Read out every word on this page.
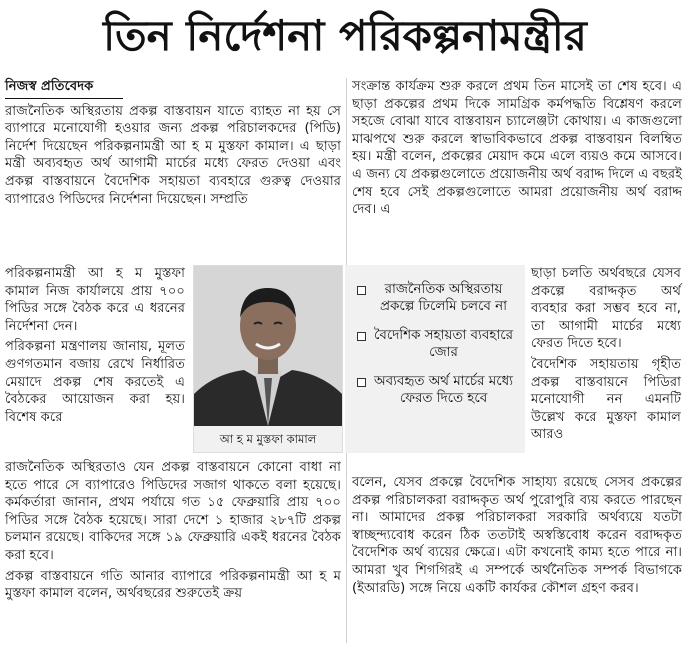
তিন নির্দেশনা পরিকল্পনামন্ত্রীর
নিজস্ব প্রতিবেদক

রাজনৈতিক অস্থিরতায় প্রকল্প বাস্তবায়ন যাতে ব্যাহত না হয় সে ব্যাপারে মনোযোগী হওয়ার জন্য প্রকল্প পরিচালকদের (পিডি) নির্দেশ দিয়েছেন পরিকল্পনামন্ত্রী আ হ ম মুস্তফা কামাল। এ ছাড়া মন্ত্রী অব্যবহৃত অর্থ আগামী মার্চের মধ্যে ফেরত দেওয়া এবং প্রকল্প বাস্তবায়নে বৈদেশিক সহায়তা ব্যবহারে গুরুত্ব দেওয়ার ব্যাপারেও পিডিদের নির্দেশনা দিয়েছেন। সম্প্রতি

পরিকল্পনামন্ত্রী আ হ ম মুস্তফা কামাল নিজ কার্যালয়ে প্রায় ৭০০ পিডির সঙ্গে বৈঠক করে এ ধরনের নির্দেশনা দেন।

পরিকল্পনা মন্ত্রণালয় জানায়, মূলত গুণগতমান বজায় রেখে নির্ধারিত মেয়াদে প্রকল্প শেষ করতেই এ বৈঠকের আয়োজন করা হয়। বিশেষ করে

আ হ ম মুস্তফা কামাল
রাজনৈতিক অস্থিরতায় প্রকল্পে ঢিলেমি চলবে না
বৈদেশিক সহায়তা ব্যবহারে জোর
অব্যবহৃত অর্থ মার্চের মধ্যে ফেরত দিতে হবে

সংক্রান্ত কার্যক্রম শুরু করলে প্রথম তিন মাসেই তা শেষ হবে। এ ছাড়া প্রকল্পের প্রথম দিকে সামগ্রিক কর্মপদ্ধতি বিশ্লেষণ করলে সহজে বোঝা যাবে বাস্তবায়ন চ্যালেঞ্জটা কোথায়। এ কাজগুলো মাঝপথে শুরু করলে স্বাভাবিকভাবে প্রকল্প বাস্তবায়ন বিলম্বিত হয়। মন্ত্রী বলেন, প্রকল্পের মেয়াদ কমে এলে ব্যয়ও কমে আসবে। এ জন্য যে প্রকল্পগুলোতে প্রয়োজনীয় অর্থ বরাদ্দ দিলে এ বছরই শেষ হবে সেই প্রকল্পগুলোতে আমরা প্রয়োজনীয় অর্থ বরাদ্দ দেব। এ

ছাড়া চলতি অর্থবছরে যেসব প্রকল্পে বরাদ্দকৃত অর্থ ব্যবহার করা সম্ভব হবে না, তা আগামী মার্চের মধ্যে ফেরত দিতে হবে।

বৈদেশিক সহায়তায় গৃহীত প্রকল্প বাস্তবায়নে পিডিরা মনোযোগী নন এমনটি উল্লেখ করে মুস্তফা কামাল আরও

রাজনৈতিক অস্থিরতাও যেন প্রকল্প বাস্তবায়নে কোনো বাধা না হতে পারে সে ব্যাপারেও পিডিদের সজাগ থাকতে বলা হয়েছে। কর্মকর্তারা জানান, প্রথম পর্যায়ে গত ১৫ ফেব্রুয়ারি প্রায় ৭০০ পিডির সঙ্গে বৈঠক হয়েছে। সারা দেশে ১ হাজার ২৮৭টি প্রকল্প চলমান রয়েছে। বাকিদের সঙ্গে ১৯ ফেব্রুয়ারি একই ধরনের বৈঠক করা হবে।

প্রকল্প বাস্তবায়নে গতি আনার ব্যাপারে পরিকল্পনামন্ত্রী আ হ ম মুস্তফা কামাল বলেন, অর্থবছরের শুরুতেই ক্রয়

বলেন, যেসব প্রকল্পে বৈদেশিক সাহায্য রয়েছে সেসব প্রকল্পের প্রকল্প পরিচালকরা বরাদ্দকৃত অর্থ পুরোপুরি ব্যয় করতে পারছেন না। আমাদের প্রকল্প পরিচালকরা সরকারি অর্থব্যয়ে যতটা স্বাচ্ছন্দ্যবোধ করেন ঠিক ততটাই অস্বস্তিবোধ করেন বরাদ্দকৃত বৈদেশিক অর্থ ব্যয়ের ক্ষেত্রে। এটা কখনোই কাম্য হতে পারে না। আমরা খুব শিগগিরই এ সম্পর্কে অর্থনৈতিক সম্পর্ক বিভাগকে (ইআরডি) সঙ্গে নিয়ে একটি কার্যকর কৌশল গ্রহণ করব।
